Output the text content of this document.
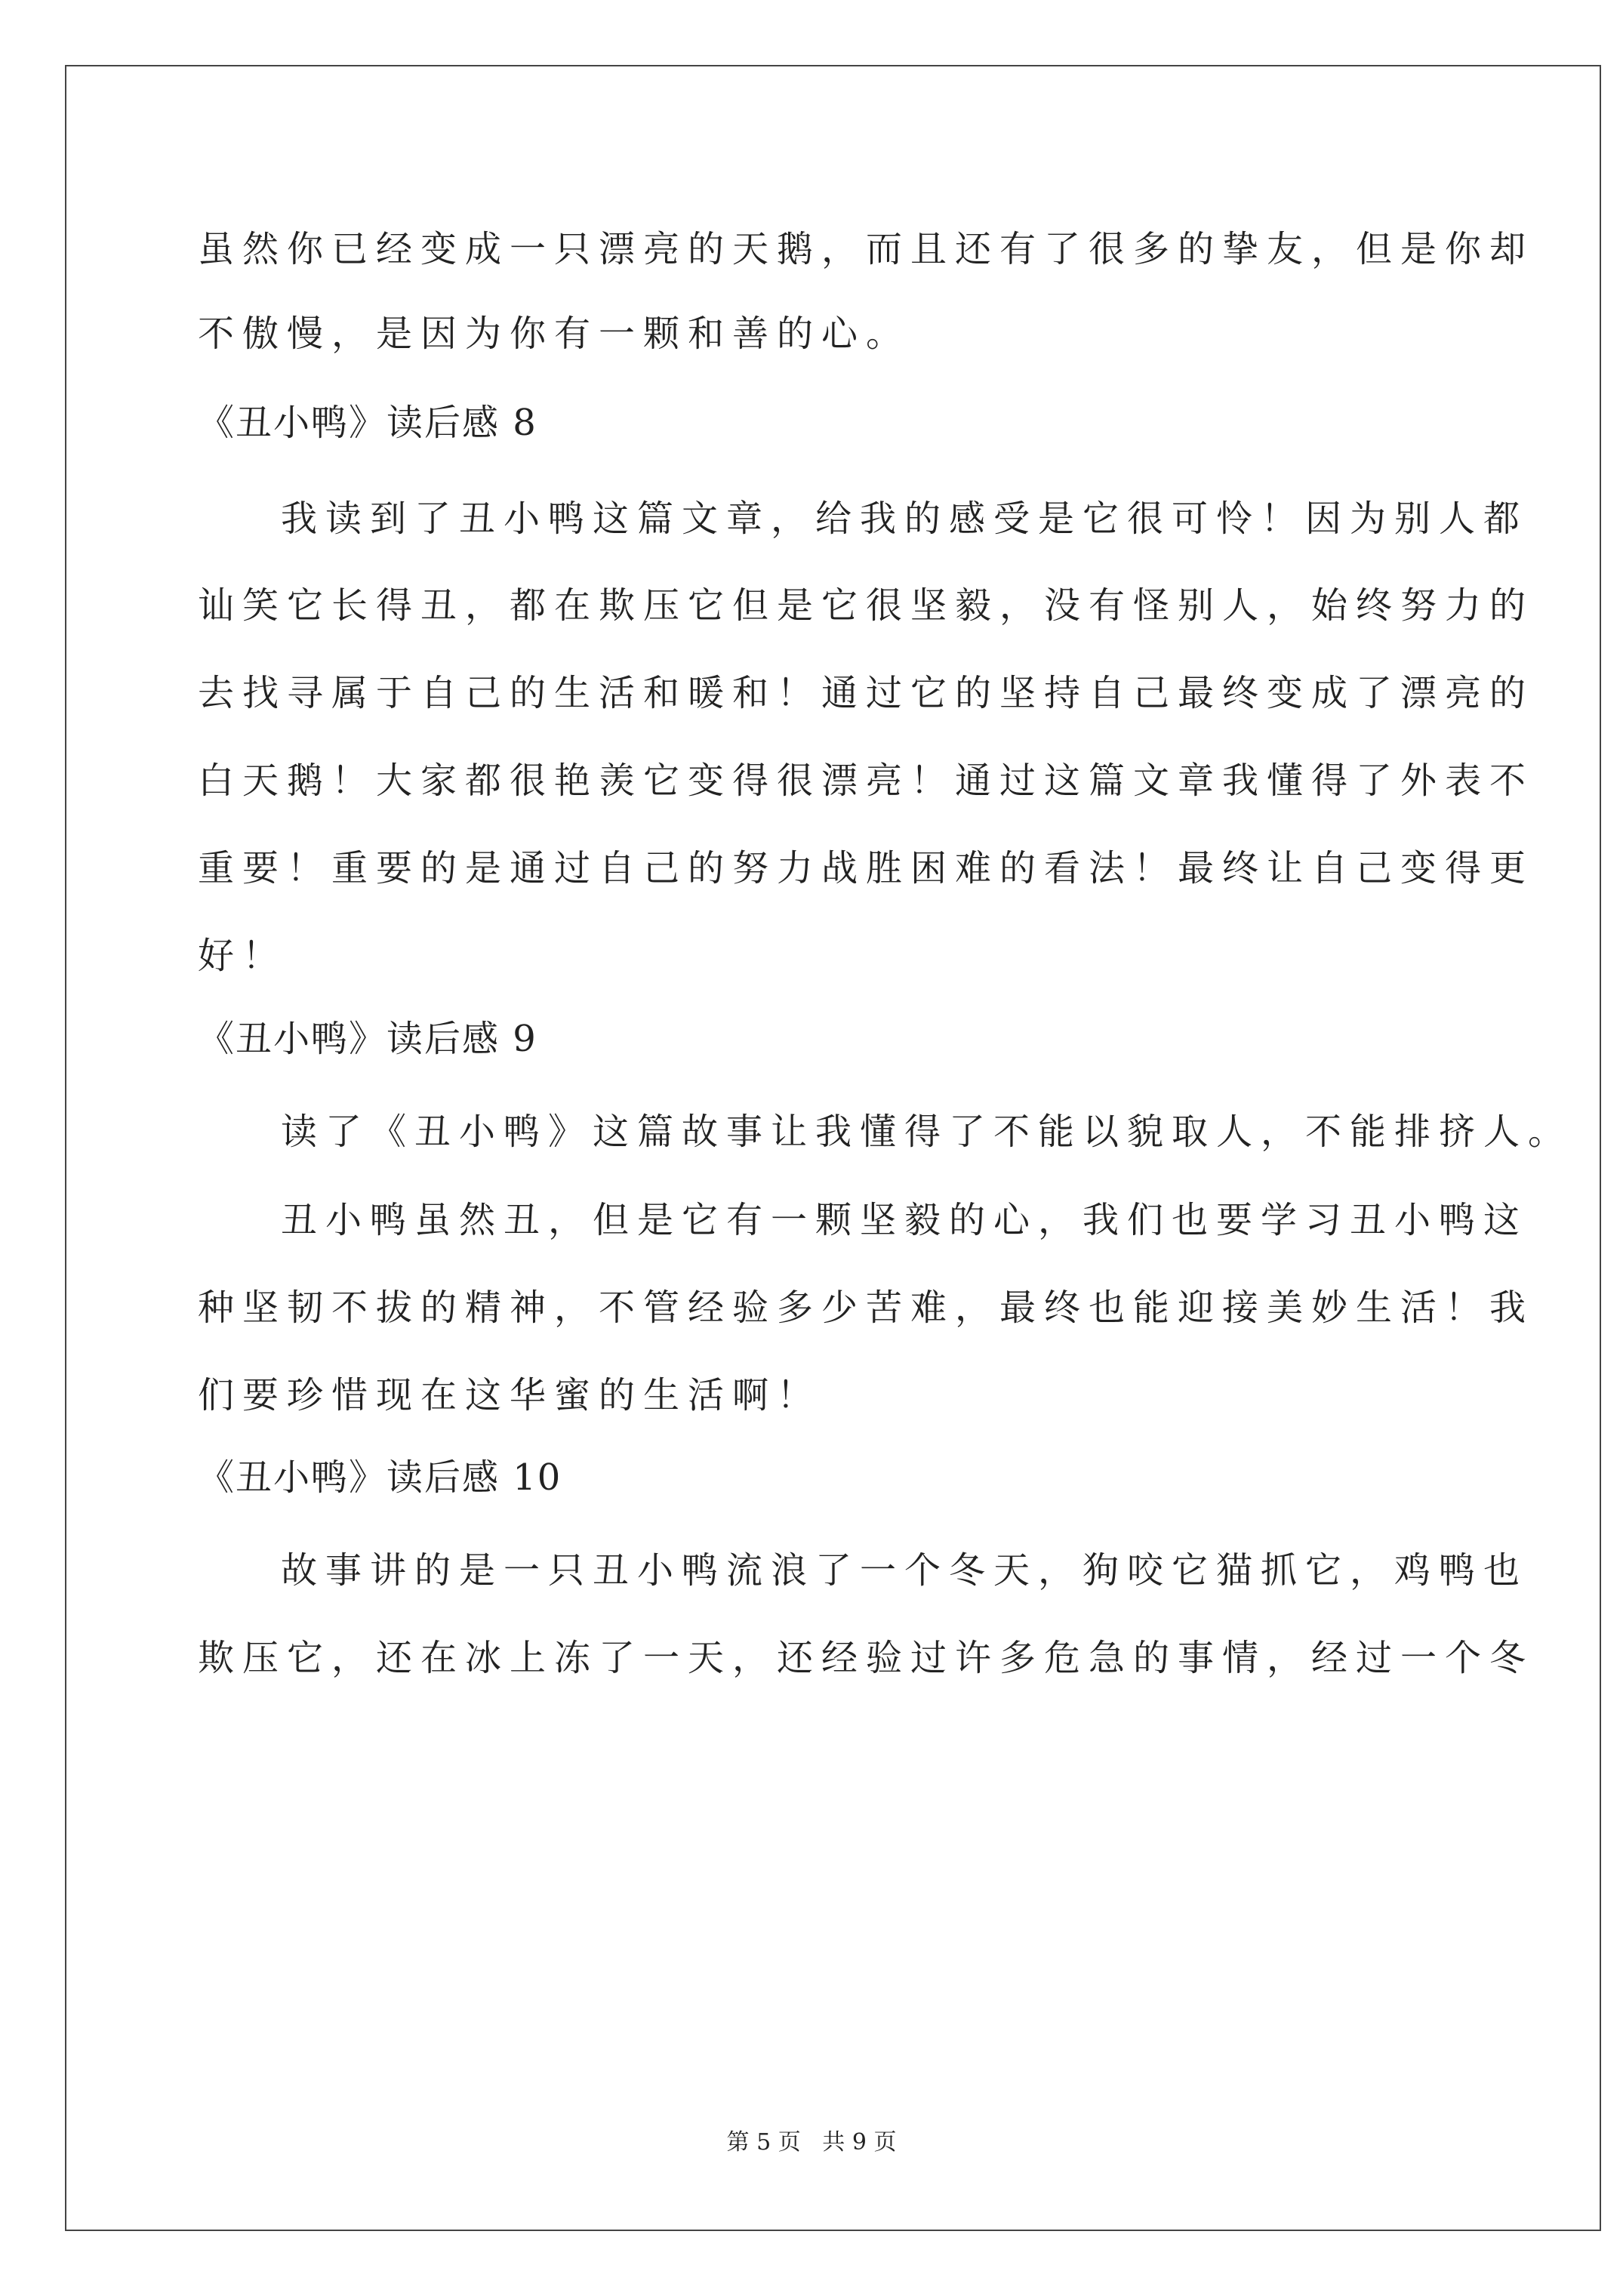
虽然你已经变成一只漂亮的天鹅，而且还有了很多的挚友，但是你却
不傲慢，是因为你有一颗和善的心。
《丑小鸭》读后感 8
我读到了丑小鸭这篇文章，给我的感受是它很可怜！因为别人都
讪笑它长得丑，都在欺压它但是它很坚毅，没有怪别人，始终努力的
去找寻属于自己的生活和暖和！通过它的坚持自己最终变成了漂亮的
白天鹅！大家都很艳羡它变得很漂亮！通过这篇文章我懂得了外表不
重要！重要的是通过自己的努力战胜困难的看法！最终让自己变得更
好！
《丑小鸭》读后感 9
读了《丑小鸭》这篇故事让我懂得了不能以貌取人，不能排挤人。
丑小鸭虽然丑，但是它有一颗坚毅的心，我们也要学习丑小鸭这
种坚韧不拔的精神，不管经验多少苦难，最终也能迎接美妙生活！我
们要珍惜现在这华蜜的生活啊！
《丑小鸭》读后感 10
故事讲的是一只丑小鸭流浪了一个冬天，狗咬它猫抓它，鸡鸭也
欺压它，还在冰上冻了一天，还经验过许多危急的事情，经过一个冬
第 5 页   共 9 页
